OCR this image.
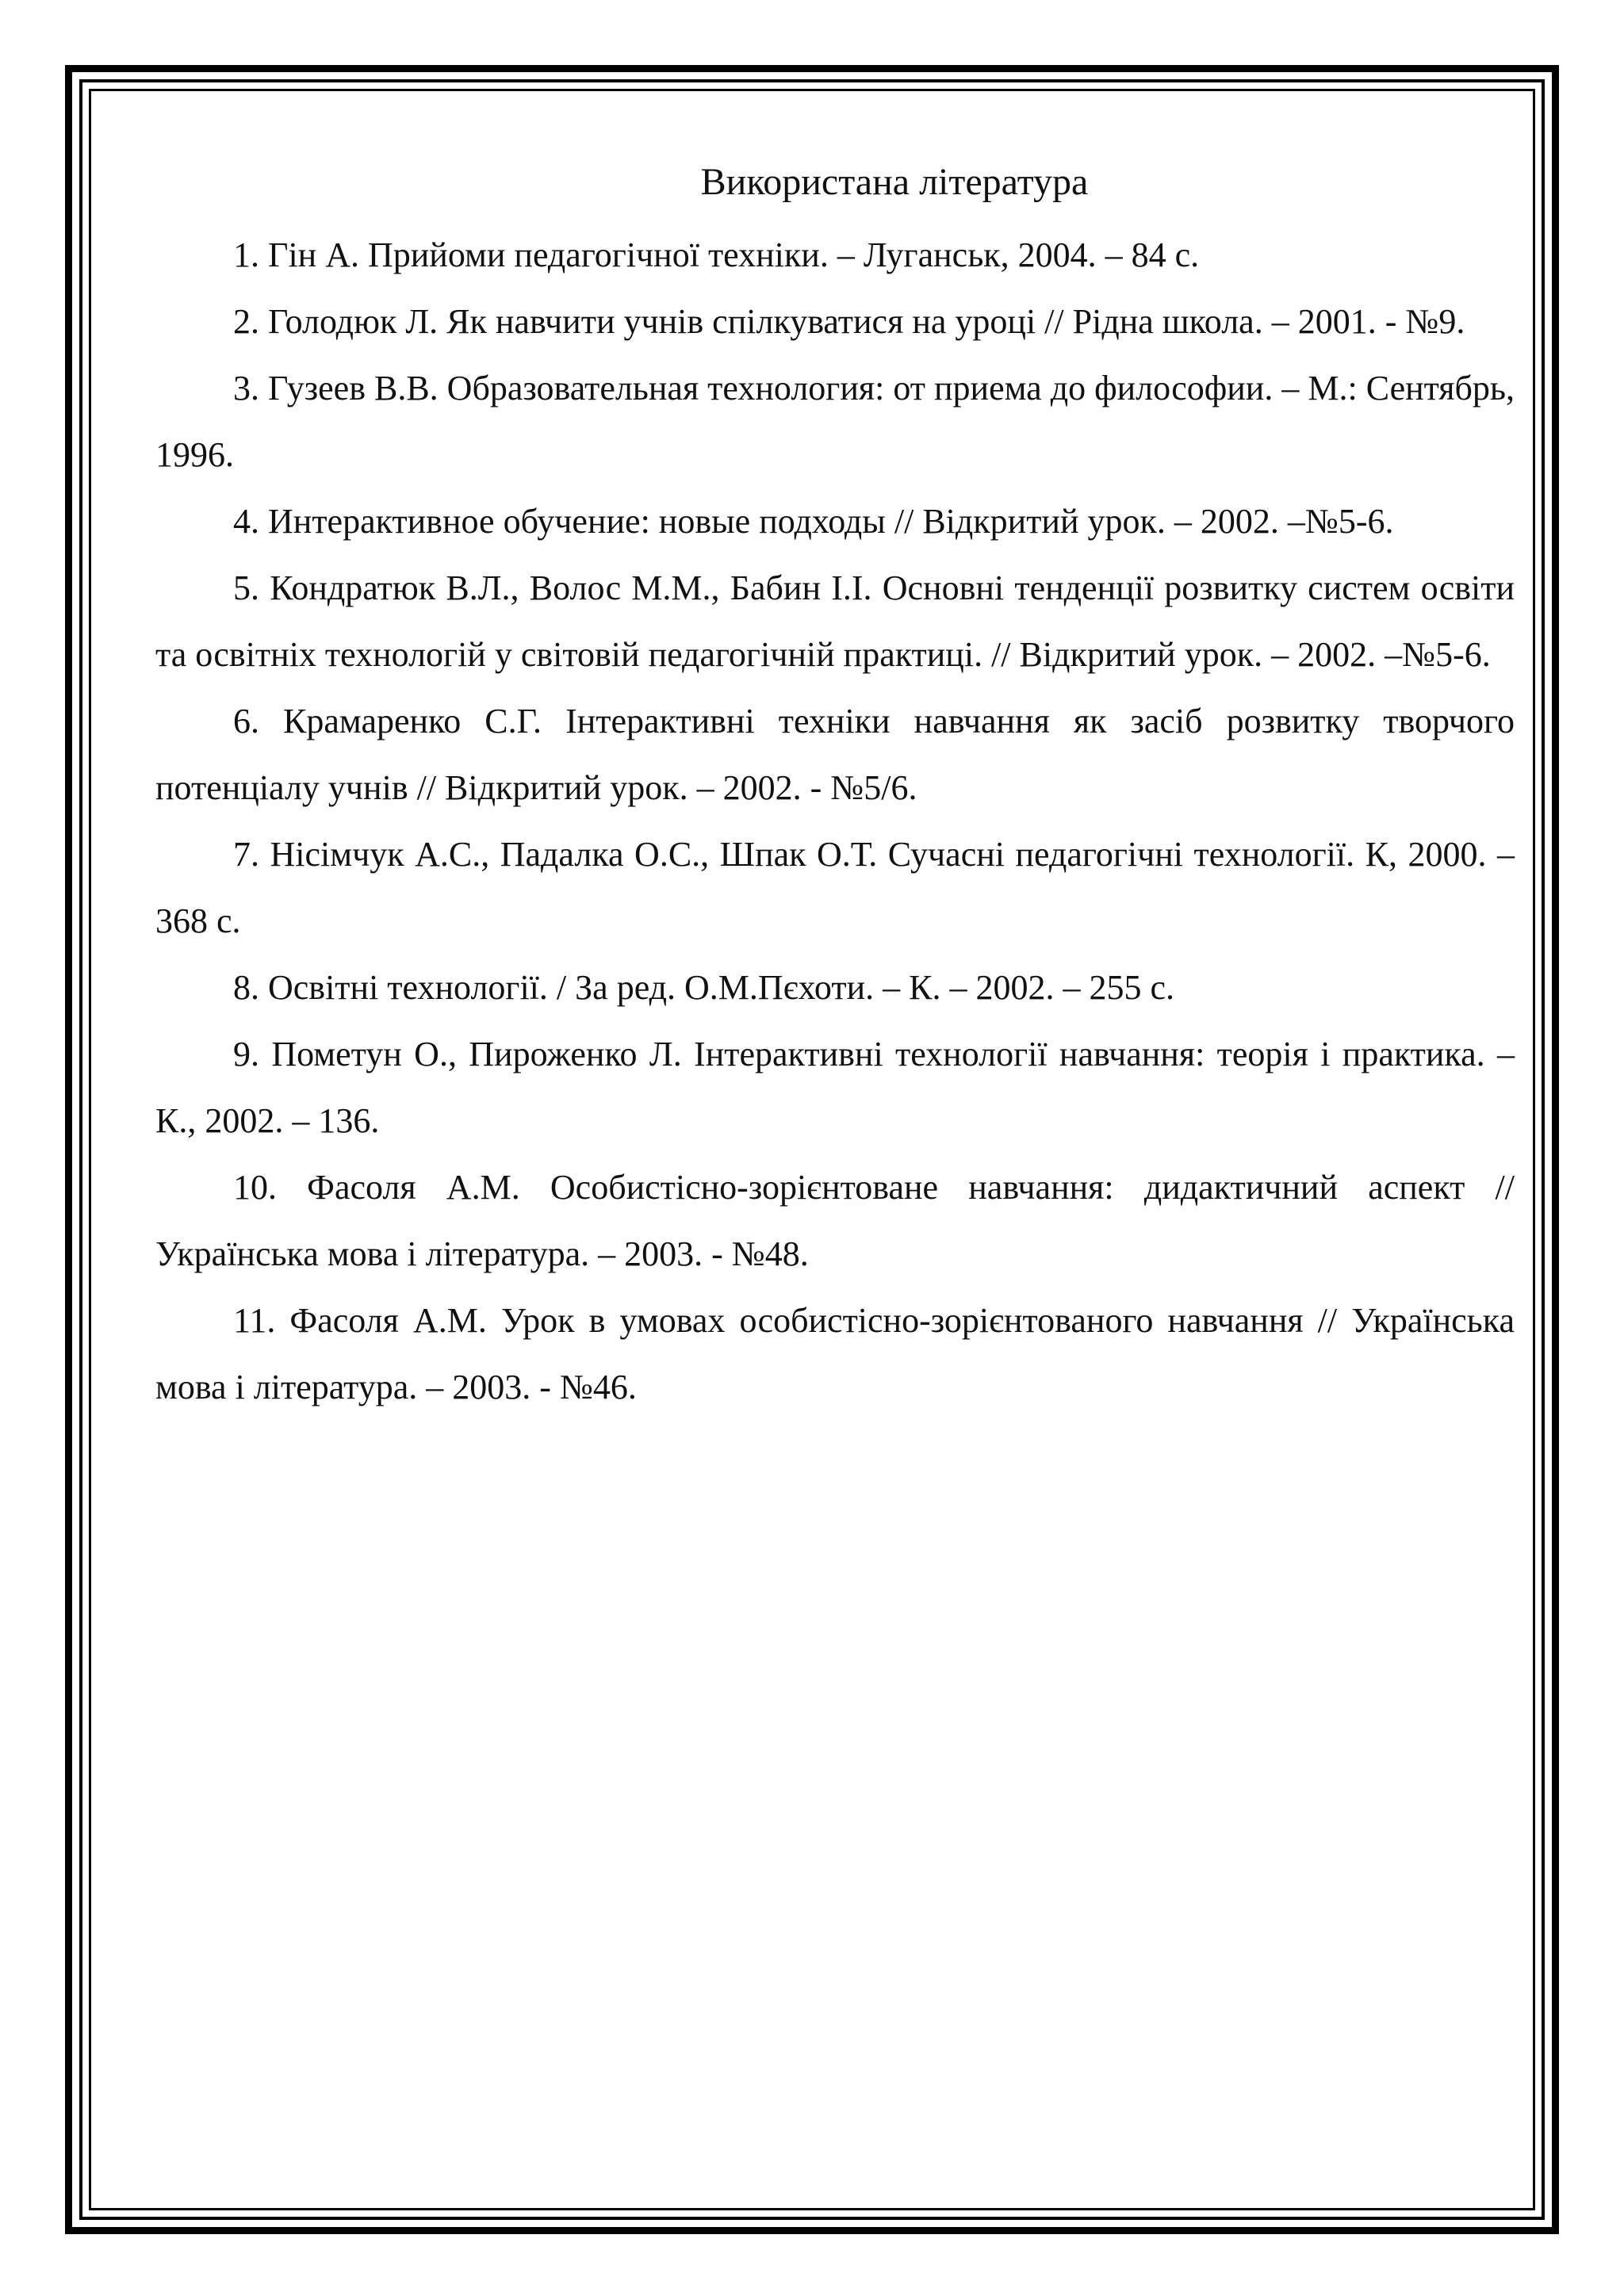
Використана література
1. Гін А. Прийоми педагогічної техніки. – Луганськ, 2004. – 84 с.
2. Голодюк Л. Як навчити учнів спілкуватися на уроці // Рідна школа. – 2001. - №9.
3. Гузеев В.В. Образовательная технология: от приема до философии. – М.: Сентябрь, 1996.
4. Интерактивное обучение: новые подходы // Відкритий урок. – 2002. –№5-6.
5. Кондратюк В.Л., Волос М.М., Бабин І.І. Основні тенденції розвитку систем освіти та освітніх технологій у світовій педагогічній практиці. // Відкритий урок. – 2002. –№5-6.
6. Крамаренко С.Г. Інтерактивні техніки навчання як засіб розвитку творчого потенціалу учнів // Відкритий урок. – 2002. - №5/6.
7. Нісімчук А.С., Падалка О.С., Шпак О.Т. Сучасні педагогічні технології. К, 2000. – 368 с.
8. Освітні технології. / За ред. О.М.Пєхоти. – К. – 2002. – 255 с.
9. Пометун О., Пироженко Л. Інтерактивні технології навчання: теорія і практика. – К., 2002. – 136.
10. Фасоля А.М. Особистісно-зорієнтоване навчання: дидактичний аспект // Українська мова і література. – 2003. - №48.
11. Фасоля А.М. Урок в умовах особистісно-зорієнтованого навчання // Українська мова і література. – 2003. - №46.
